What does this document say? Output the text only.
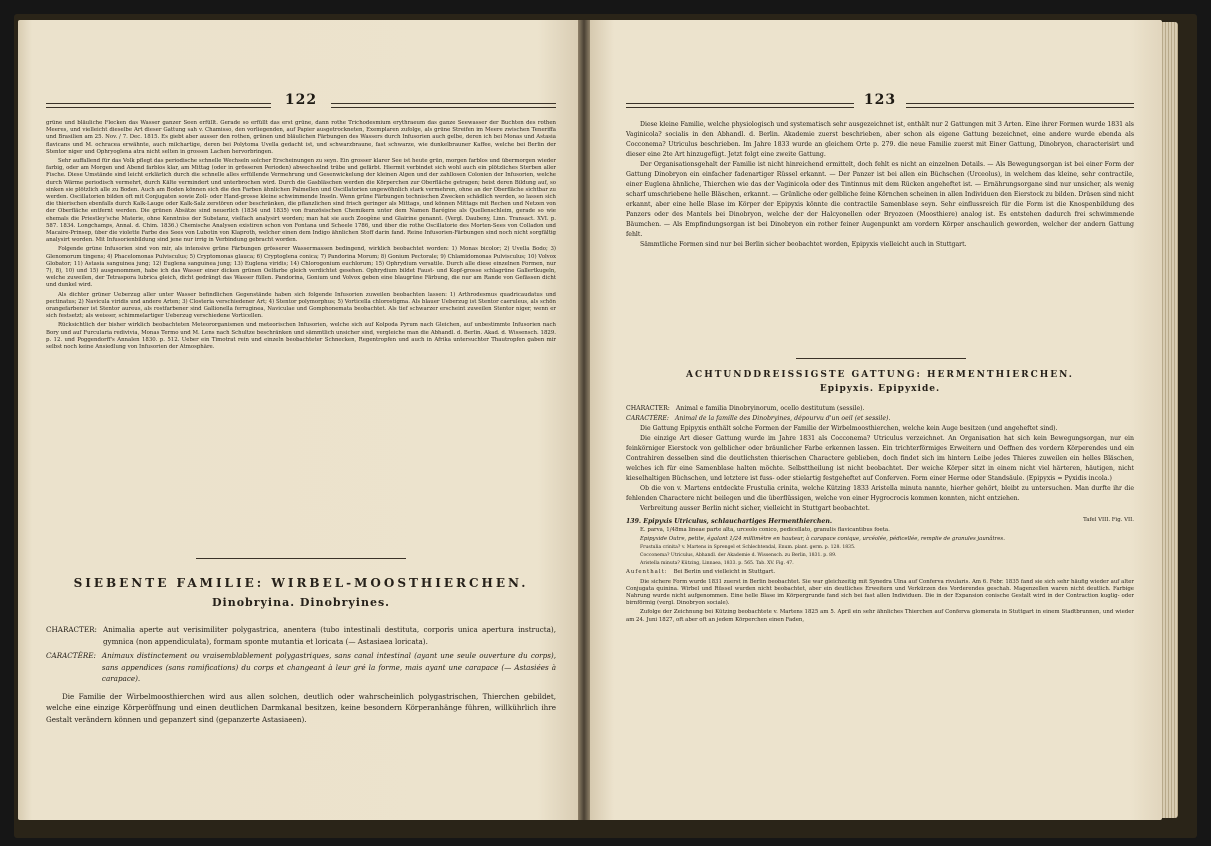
122

grüne und bläuliche Flecken das Wasser ganzer Seen erfüllt. Gerade so erfüllt das erst grüne, dann rothe Trichodesmium erythraeum das ganze Seewasser der Buchten des rothen Meeres, und vielleicht dieselbe Art dieser Gattung sah v. Chamisso, den vorliegenden, auf Papier ausgetrockneten, Exemplaren zufolge, als grüne Streifen im Meere zwischen Teneriffa und Brasilien am 25. Nov. / 7. Dec. 1815. Es giebt aber ausser den rothen, grünen und bläulichen Färbungen des Wassers durch Infusorien auch gelbe, deren ich bei Monas und Astasia flavicans und M. ochracea erwähnte, auch milchartige, deren bei Polytoma Uvella gedacht ist, und schwarzbraune, fast schwarze, wie dunkelbrauner Kaffee, welche bei Berlin der Stentor niger und Ophryoglena atra nicht selten in grossen Lachen hervorbringen.

Sehr auffallend für das Volk pflegt das periodische schnelle Wechseln solcher Erscheinungen zu seyn. Ein grosser klarer See ist heute grün, morgen farblos und übermorgen wieder farbig, oder am Morgen und Abend farblos klar, am Mittag (oder in grösseren Perioden) abwechselnd trübe und gefärbt. Hiermit verbindet sich wohl auch ein plötzliches Sterben aller Fische. Diese Umstände sind leicht erklärlich durch die schnelle alles erfüllende Vermehrung und Gesenwickelung der kleinen Algen und der zahllosen Colonien der Infusorien, welche durch Wärme periodisch vermehrt, durch Kälte vermindert und unterbrochen wird. Durch die Gasbläschen werden die Körperchen zur Oberfläche getragen; heist deren Bildung auf, so sinken sie plötzlich alle zu Boden. Auch am Boden können sich die den Farben ähnlichen Palmellen und Oscillatorien ungewöhnlich stark vermehren, ohne an der Oberfläche sichtbar zu werden. Oscillatorien bilden oft mit Conjugaten sowie Zoll- oder Hand-grosse kleine schwimmende Inseln. Wenn grüne Färbungen technischen Zwecken schädlich werden, so lassen sich die thierischen ebenfalls durch Kalk-Lauge oder Kalk-Salz zerstören oder beschränken, die pflanzlichen sind frisch geringer als Mittags, und können Mittags mit Rechen und Netzen von der Oberfläche entfernt werden. Die grünen Absätze sind neuerlich (1834 und 1835) von französischen Chemikern unter dem Namen Barégine als Quellenschleim, gerade so wie ehemals die Priestley'sche Materie, ohne Kenntniss der Substanz, vielfach analysirt worden; man hat sie auch Zoogène und Glairine genannt. (Vergl. Daubeny, Linn. Transact. XVI. p. 587. 1834. Longchamps, Annal. d. Chim. 1836.) Chemische Analysen existiren schon von Fontana und Scheele 1786, und über die rothe Oscillatorie des Morten-Sees von Colladon und Macaire-Prinsep, über die violette Farbe des Sees von Lubotin von Klaproth, welcher einen dem Indigo ähnlichen Stoff darin fand. Reine Infusorien-Färbungen sind noch nicht sorgfältig analysirt worden. Mit Infusorienbildung sind jene nur irrig in Verbindung gebracht worden.

Folgende grüne Infusorien sind von mir, als intensive grüne Färbungen grösserer Wassermassen bedingend, wirklich beobachtet worden: 1) Monas bicolor; 2) Uvella Bodo; 3) Glenomorum tingens; 4) Phacelomonas Pulvisculus; 5) Cryptomonas glauca; 6) Cryptoglena conica; 7) Pandorina Morum; 8) Gonium Pectorale; 9) Chlamidomonas Pulvisculus; 10) Volvox Globator; 11) Astasia sanguinea jung; 12) Euglena sanguinea jung; 13) Euglena viridis; 14) Chlorogonium euchlorum; 15) Ophrydium versatile. Durch alle diese einzelnen Formen, nur 7), 8), 10) und 15) ausgenommen, habe ich das Wasser einer dicken grünen Oelfarbe gleich verdichtet gesehen. Ophrydium bildet Faust- und Kopf-grosse schlagrüne Gallertkugeln, welche zuweilen, der Tetraspora lubrica gleich, dicht gedrängt das Wasser füllen. Pandorina, Gonium und Volvox geben eine blaugrüne Färbung, die nur am Rande von Gefässen dicht und dunkel wird.

Als dichter grüner Ueberzug aller unter Wasser befindlichen Gegenstände haben sich folgende Infusorien zuweilen beobachten lassen: 1) Arthrodesmus quadricaudatus und pectinatus; 2) Navicula viridis und andere Arten; 3) Closteria verschiedener Art; 4) Stentor polymorphus; 5) Vorticella chlorostigma. Als blauer Ueberzug ist Stentor caeruleus, als schön orangefarbener ist Stentor aureus, als rostfarbener sind Gallionella ferruginea, Naviculae und Gomphonemata beobachtet. Als tief schwarzer erscheint zuweilen Stentor niger, wenn er sich festsetzt; als weisser, schimmelartiger Ueberzug verschiedene Vorticellen.

Rücksichtlich der bisher wirklich beobachteten Meteororganismen und meteorischen Infusorien, welche sich auf Kolpoda Pyrum nach Gleichen, auf unbestimmte Infusorien nach Bory und auf Furcularia redivivia, Monas Termo und M. Lens nach Schultze beschränken und sämmtlich unsicher sind, vergleiche man die Abhandl. d. Berlin. Akad. d. Wissensch. 1829. p. 12. und Poggendorff's Annalen 1830. p. 512. Ueber ein Timotrat rein und einzeln beobachteter Schnecken, Regentropfen und auch in Afrika untersuchter Thautropfen gaben mir selbst noch keine Ansiedlung von Infusorien der Atmosphäre.

SIEBENTE FAMILIE: WIRBEL-MOOSTHIERCHEN.

Dinobryina. Dinobryines.

CHARACTER: Animalia aperte aut verisimiliter polygastrica, anentera (tubo intestinali destituta, corporis unica apertura instructa), gymnica (non appendiculata), formam sponte mutantia et loricata (— Astasiaea loricata).

CARACTÈRE: Animaux distinctement ou vraisemblablement polygastriques, sans canal intestinal (ayant une seule ouverture du corps), sans appendices (sans ramifications) du corps et changeant à leur gré la forme, mais ayant une carapace (— Astasiées à carapace).

Die Familie der Wirbelmoosthierchen wird aus allen solchen, deutlich oder wahrscheinlich polygastrischen, Thierchen gebildet, welche eine einzige Körperöffnung und einen deutlichen Darmkanal besitzen, keine besondern Körperanhänge führen, willkührlich ihre Gestalt verändern können und gepanzert sind (gepanzerte Astasiaeen).

123

Diese kleine Familie, welche physiologisch und systematisch sehr ausgezeichnet ist, enthält nur 2 Gattungen mit 3 Arten. Eine ihrer Formen wurde 1831 als Vaginicola? socialis in den Abhandl. d. Berlin. Akademie zuerst beschrieben, aber schon als eigene Gattung bezeichnet, eine andere wurde ebenda als Cocconema? Utriculus beschrieben. Im Jahre 1833 wurde an gleichem Orte p. 279. die neue Familie zuerst mit Einer Gattung, Dinobryon, characterisirt und dieser eine 2te Art hinzugefügt. Jetzt folgt eine zweite Gattung.

Der Organisationsgehalt der Familie ist nicht hinreichend ermittelt, doch fehlt es nicht an einzelnen Details. — Als Bewegungsorgan ist bei einer Form der Gattung Dinobryon ein einfacher fadenartiger Rüssel erkannt. — Der Panzer ist bei allen ein Büchschen (Urceolus), in welchem das kleine, sehr contractile, einer Euglena ähnliche, Thierchen wie das der Vaginicola oder des Tintinnus mit dem Rücken angeheftet ist. — Ernährungsorgane sind nur unsicher, als wenig scharf umschriebene helle Bläschen, erkannt. — Grünliche oder gelbliche feine Körnchen scheinen in allen Individuen den Eierstock zu bilden. Drüsen sind nicht erkannt, aber eine helle Blase im Körper der Epipyxis könnte die contractile Samenblase seyn. Sehr einflussreich für die Form ist die Knospenbildung des Panzers oder des Mantels bei Dinobryon, welche der der Halcyonellen oder Bryozoen (Moosthiere) analog ist. Es entstehen dadurch frei schwimmende Bäumchen. — Als Empfindungsorgan ist bei Dinobryon ein rother feiner Augenpunkt am vordern Körper anschaulich geworden, welcher der andern Gattung fehlt.

Sämmtliche Formen sind nur bei Berlin sicher beobachtet worden, Epipyxis vielleicht auch in Stuttgart.

ACHTUNDDREISSIGSTE GATTUNG: HERMENTHIERCHEN.

Epipyxis. Epipyxide.

CHARACTER: Animal e familia Dinobryinorum, ocello destitutum (sessile).

CARACTÈRE: Animal de la famille des Dinobryines, dépourvu d'un oeil (et sessile).

Die Gattung Epipyxis enthält solche Formen der Familie der Wirbelmoosthierchen, welche kein Auge besitzen (und angeheftet sind).

Die einzige Art dieser Gattung wurde im Jahre 1831 als Cocconema? Utriculus verzeichnet. An Organisation hat sich kein Bewegungsorgan, nur ein feinkörniger Eierstock von gelblicher oder bräunlicher Farbe erkennen lassen. Ein trichterförmiges Erweitern und Oeffnen des vordern Körperendes und ein Contrahiren desselben sind die deutlichsten thierischen Charactere geblieben, doch findet sich im hintern Leibe jedes Thieres zuweilen ein helles Bläschen, welches ich für eine Samenblase halten möchte. Selbsttheilung ist nicht beobachtet. Der weiche Körper sitzt in einem nicht viel härteren, häutigen, nicht kieselhaltigen Büchschen, und letztere ist fuss- oder stielartig festgeheftet auf Conferven. Form einer Herme oder Standsäule. (Epipyxis = Pyxidis incola.)

Ob die von v. Martens entdeckte Frustulia crinita, welche Kützing 1833 Aristella minuta nannte, hierher gehört, bleibt zu untersuchen. Man durfte ihr die fehlenden Charactere nicht beilegen und die überflüssigen, welche von einer Hygrocrocis kommen konnten, nicht entziehen.

Verbreitung ausser Berlin nicht sicher, vielleicht in Stuttgart beobachtet.

139. Epipyxis Utriculus, schlauchartiges Hermenthierchen.	Tafel VIII. Fig. VII.

E. parva, 1/48ma lineae parte alta, urceolo conico, pedicellato, granulis flavicantibus foeta.

Epipyxide Outre, petite, égalant 1/24 millimètre en hauteur, à carapace conique, urcéolée, pédicellée, remplie de granules jaunâtres.

Frustulia crinita? v. Martens in Sprengel et Schlechtendal, Enum. plant. germ. p. 128. 1835.

Cocconema? Utriculus, Abhandl. der Akademie d. Wissensch. zu Berlin, 1831. p. 89.

Aristella minuta? Kützing, Linnaea, 1833. p. 565. Tab. XV. Fig. 47.

Aufenthalt: Bei Berlin und vielleicht in Stuttgart.

Die sichere Form wurde 1831 zuerst in Berlin beobachtet. Sie war gleichzeitig mit Synedra Ulna auf Conferva rivularis. Am 6. Febr. 1835 fand sie sich sehr häufig wieder auf alter Conjugata quinina. Wirbel und Rüssel wurden nicht beobachtet, aber ein deutliches Erweitern und Verkürzen des Vorderendes geschah. Magenzellen waren nicht deutlich. Farbige Nahrung wurde nicht aufgenommen. Eine helle Blase im Körpergrunde fand sich bei fast allen Individuen. Die in der Expansion conische Gestalt wird in der Contraction kuglig- oder birnförmig (vergl. Dinobryon sociale).

Zufolge der Zeichnung bei Kützing beobachtete v. Martens 1825 am 5. April ein sehr ähnliches Thierchen auf Conferva glomerata in Stuttgart in einem Stadtbrunnen, und wieder am 24. Juni 1827, oft aber oft an jedem Körperchen einen Faden,
